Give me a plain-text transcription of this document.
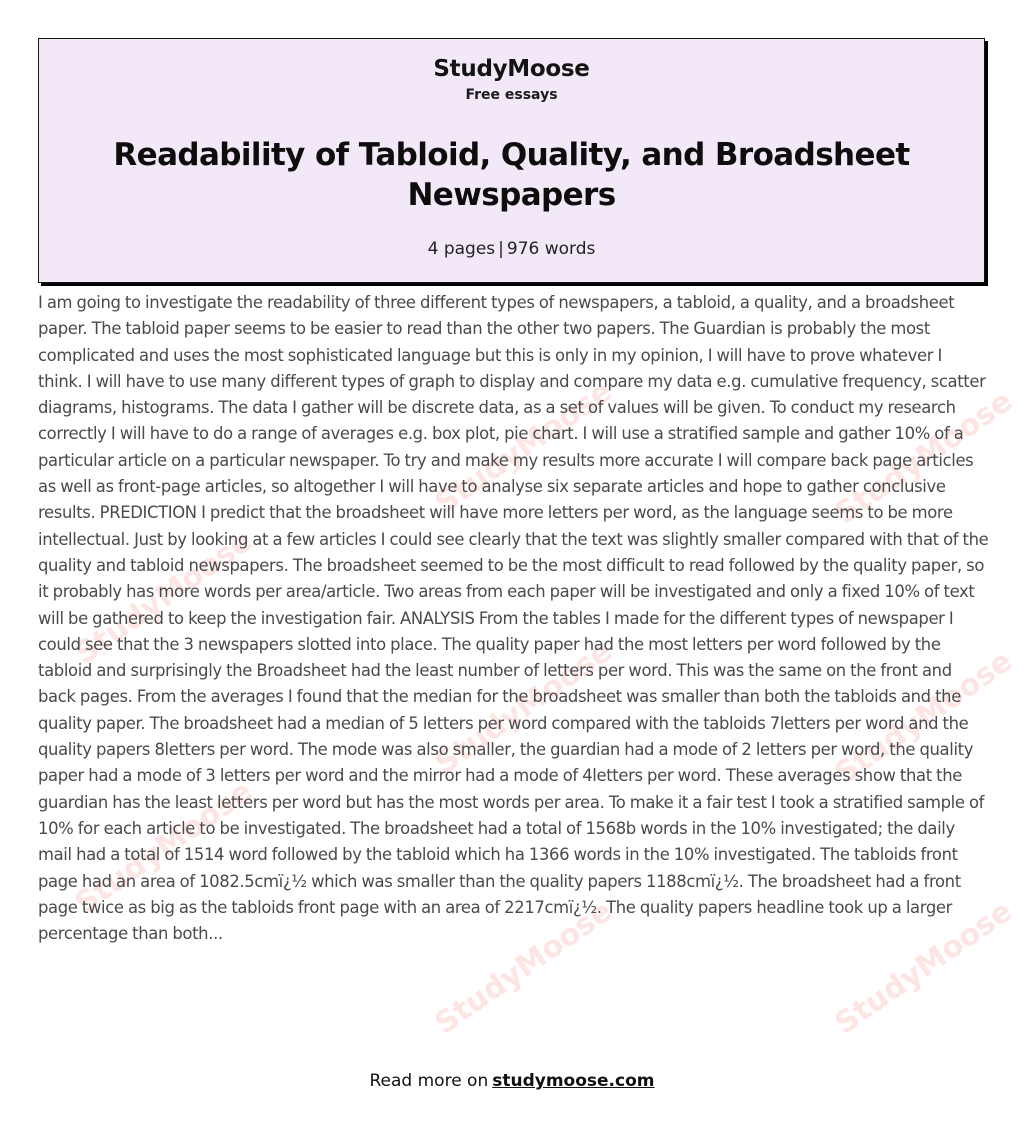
StudyMoose
Free essays
Readability of Tabloid, Quality, and Broadsheet Newspapers
4 pages | 976 words
StudyMoose
StudyMoose	StudyMoose
StudyMoose	StudyMoose
StudyMoose
StudyMoose	StudyMoose

I am going to investigate the readability of three different types of newspapers, a tabloid, a quality, and a broadsheet paper. The tabloid paper seems to be easier to read than the other two papers. The Guardian is probably the most complicated and uses the most sophisticated language but this is only in my opinion, I will have to prove whatever I think. I will have to use many different types of graph to display and compare my data e.g. cumulative frequency, scatter diagrams, histograms. The data I gather will be discrete data, as a set of values will be given. To conduct my research correctly I will have to do a range of averages e.g. box plot, pie chart. I will use a stratified sample and gather 10% of a particular article on a particular newspaper. To try and make my results more accurate I will compare back page articles as well as front-page articles, so altogether I will have to analyse six separate articles and hope to gather conclusive results. PREDICTION I predict that the broadsheet will have more letters per word, as the language seems to be more intellectual. Just by looking at a few articles I could see clearly that the text was slightly smaller compared with that of the quality and tabloid newspapers. The broadsheet seemed to be the most difficult to read followed by the quality paper, so it probably has more words per area/article. Two areas from each paper will be investigated and only a fixed 10% of text will be gathered to keep the investigation fair. ANALYSIS From the tables I made for the different types of newspaper I could see that the 3 newspapers slotted into place. The quality paper had the most letters per word followed by the tabloid and surprisingly the Broadsheet had the least number of letters per word. This was the same on the front and back pages. From the averages I found that the median for the broadsheet was smaller than both the tabloids and the quality paper. The broadsheet had a median of 5 letters per word compared with the tabloids 7letters per word and the quality papers 8letters per word. The mode was also smaller, the guardian had a mode of 2 letters per word, the quality paper had a mode of 3 letters per word and the mirror had a mode of 4letters per word. These averages show that the guardian has the least letters per word but has the most words per area. To make it a fair test I took a stratified sample of 10% for each article to be investigated. The broadsheet had a total of 1568b words in the 10% investigated; the daily mail had a total of 1514 word followed by the tabloid which ha 1366 words in the 10% investigated. The tabloids front page had an area of 1082.5cmï¿½ which was smaller than the quality papers 1188cmï¿½. The broadsheet had a front page twice as big as the tabloids front page with an area of 2217cmï¿½. The quality papers headline took up a larger percentage than both...

Read more on studymoose.com
